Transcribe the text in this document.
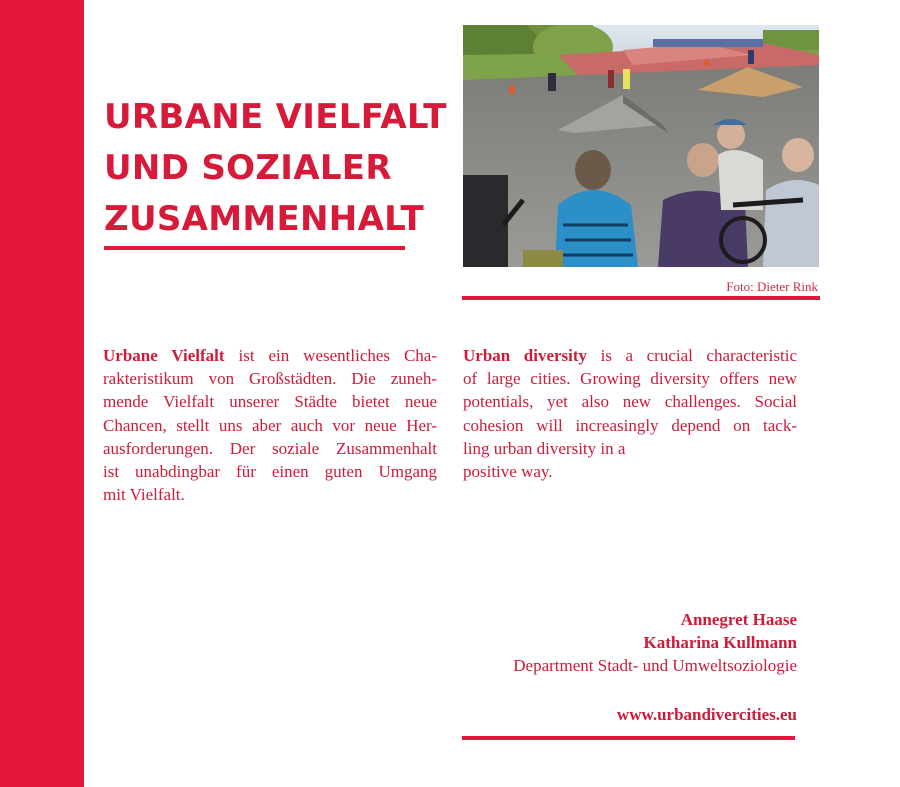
URBANE VIELFALT
UND SOZIALER
ZUSAMMENHALT
Foto: Dieter Rink

Urbane Vielfalt ist ein wesentliches Cha-
rakteristikum von Großstädten. Die zuneh-
mende Vielfalt unserer Städte bietet neue
Chancen, stellt uns aber auch vor neue Her-
ausforderungen. Der soziale Zusammenhalt
ist unabdingbar für einen guten Umgang
mit Vielfalt.

Urban diversity is a crucial characteristic
of large cities. Growing diversity offers new
potentials, yet also new challenges. Social
cohesion will increasingly depend on tack-
ling urban diversity in a
positive way.

Annegret Haase
Katharina Kullmann
Department Stadt- und Umweltsoziologie
www.urbandivercities.eu
